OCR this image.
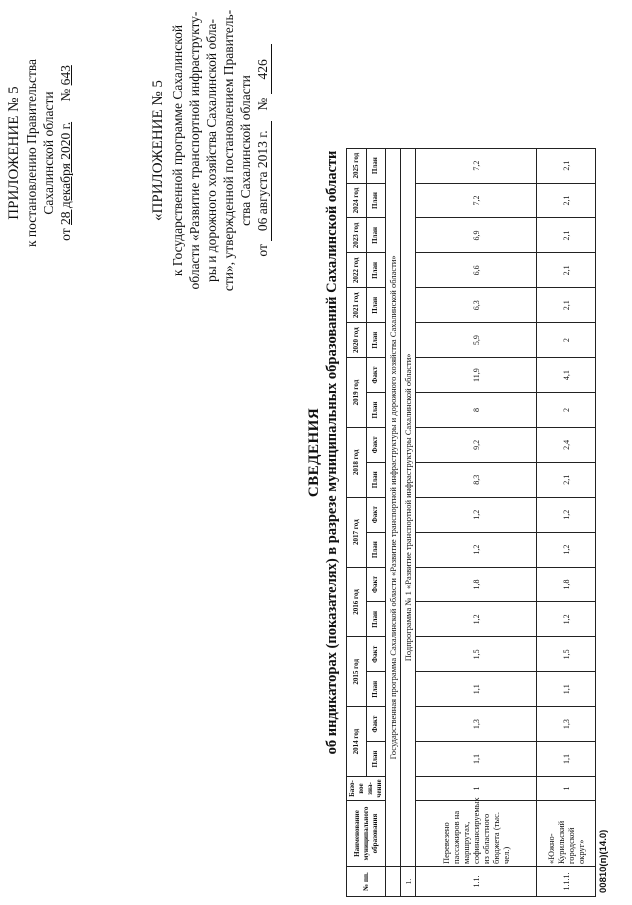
ПРИЛОЖЕНИЕ № 5 к постановлению Правительства Сахалинской области
от 28 декабря 2020 г.      № 643
«ПРИЛОЖЕНИЕ № 5 к Государственной программе Сахалинской области «Развитие транспортной инфраструкту- ры и дорожного хозяйства Сахалинской обла- сти», утвержденной постановлением Правитель- ства Сахалинской области
от 06 августа 2013 г.   № 426
СВЕДЕНИЯ об индикаторах (показателях) в разрезе муниципальных образований Сахалинской области
№ пп.	Наименование муниципального образования	Базо-вое зна-чение	2014 год		2015 год		2016 год		2017 год		2018 год		2019 год		2020 год	2021 год	2022 год	2023 год	2024 год	2025 год
			План	Факт	План	Факт	План	Факт	План	Факт	План	Факт	План	Факт	План	План	План	План	План	План
	Государственная программа Сахалинской области «Развитие транспортной инфраструктуры и дорожного хозяйства Сахалинской области»																			
1.	Подпрограмма № 1 «Развитие транспортной инфраструктуры Сахалинской области»																			
1.1.	Перевезено пассажиров на маршрутах, софинансируемых из областного бюджета (тыс. чел.)	1	1,1	1,3	1,1	1,5	1,2	1,8	1,2	1,2	8,3	9,2	8	11,9	5,9	6,3	6,6	6,9	7,2	7,2
1.1.1.	«Южно-Курильский городской округ»	1	1,1	1,3	1,1	1,5	1,2	1,8	1,2	1,2	2,1	2,4	2	4,1	2	2,1	2,1	2,1	2,1	2,1
00810(п)(14.0)
